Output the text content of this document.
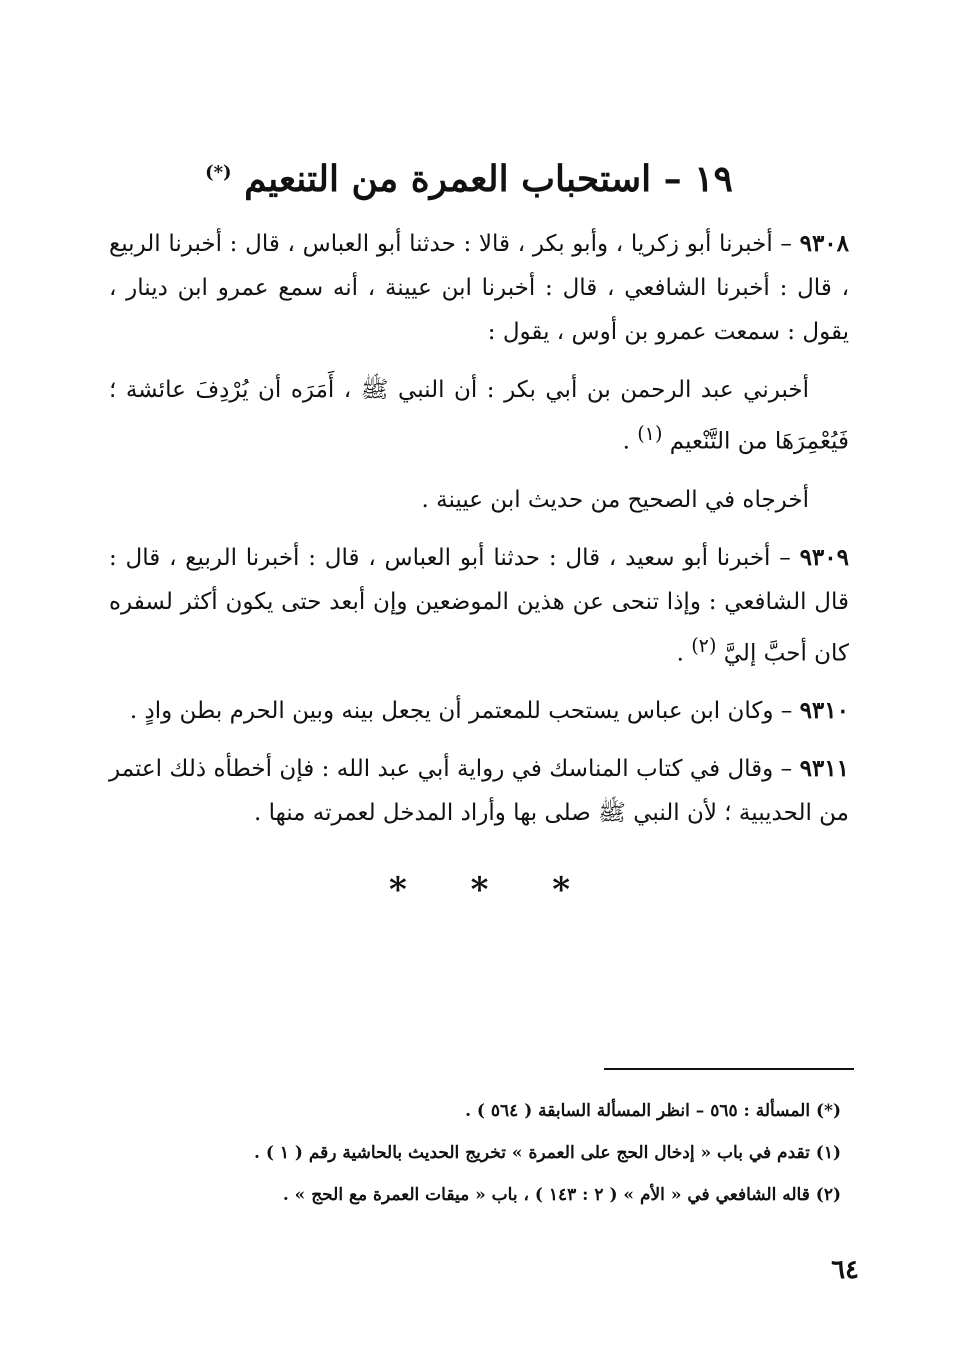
١٩ – استحباب العمرة من التنعيم (*)

٩٣٠٨ – أخبرنا أبو زكريا ، وأبو بكر ، قالا : حدثنا أبو العباس ، قال : أخبرنا الربيع ، قال : أخبرنا الشافعي ، قال : أخبرنا ابن عيينة ، أنه سمع عمرو ابن دينار ، يقول : سمعت عمرو بن أوس ، يقول :

أخبرني عبد الرحمن بن أبي بكر : أن النبي ﷺ ، أَمَرَه أن يُرْدِفَ عائشة ؛ فَيُعْمِرَهَا من التَّنْعيم $^{(١)}$ .

أخرجاه في الصحيح من حديث ابن عيينة .

٩٣٠٩ – أخبرنا أبو سعيد ، قال : حدثنا أبو العباس ، قال : أخبرنا الربيع ، قال : قال الشافعي : وإذا تنحى عن هذين الموضعين وإن أبعد حتى يكون أكثر لسفره كان أحبَّ إليَّ $^{(٢)}$ .

٩٣١٠ – وكان ابن عباس يستحب للمعتمر أن يجعل بينه وبين الحرم بطن وادٍ .

٩٣١١ – وقال في كتاب المناسك في رواية أبي عبد الله : فإن أخطأه ذلك اعتمر من الحديبية ؛ لأن النبي ﷺ صلى بها وأراد المدخل لعمرته منها .

* * *

(*) المسألة : ٥٦٥ – انظر المسألة السابقة ( ٥٦٤ ) .

(١) تقدم في باب « إدخال الحج على العمرة » تخريج الحديث بالحاشية رقم ( ١ ) .

(٢) قاله الشافعي في « الأم » ( ٢ : ١٤٣ ) ، باب « ميقات العمرة مع الحج » .

٦٤
